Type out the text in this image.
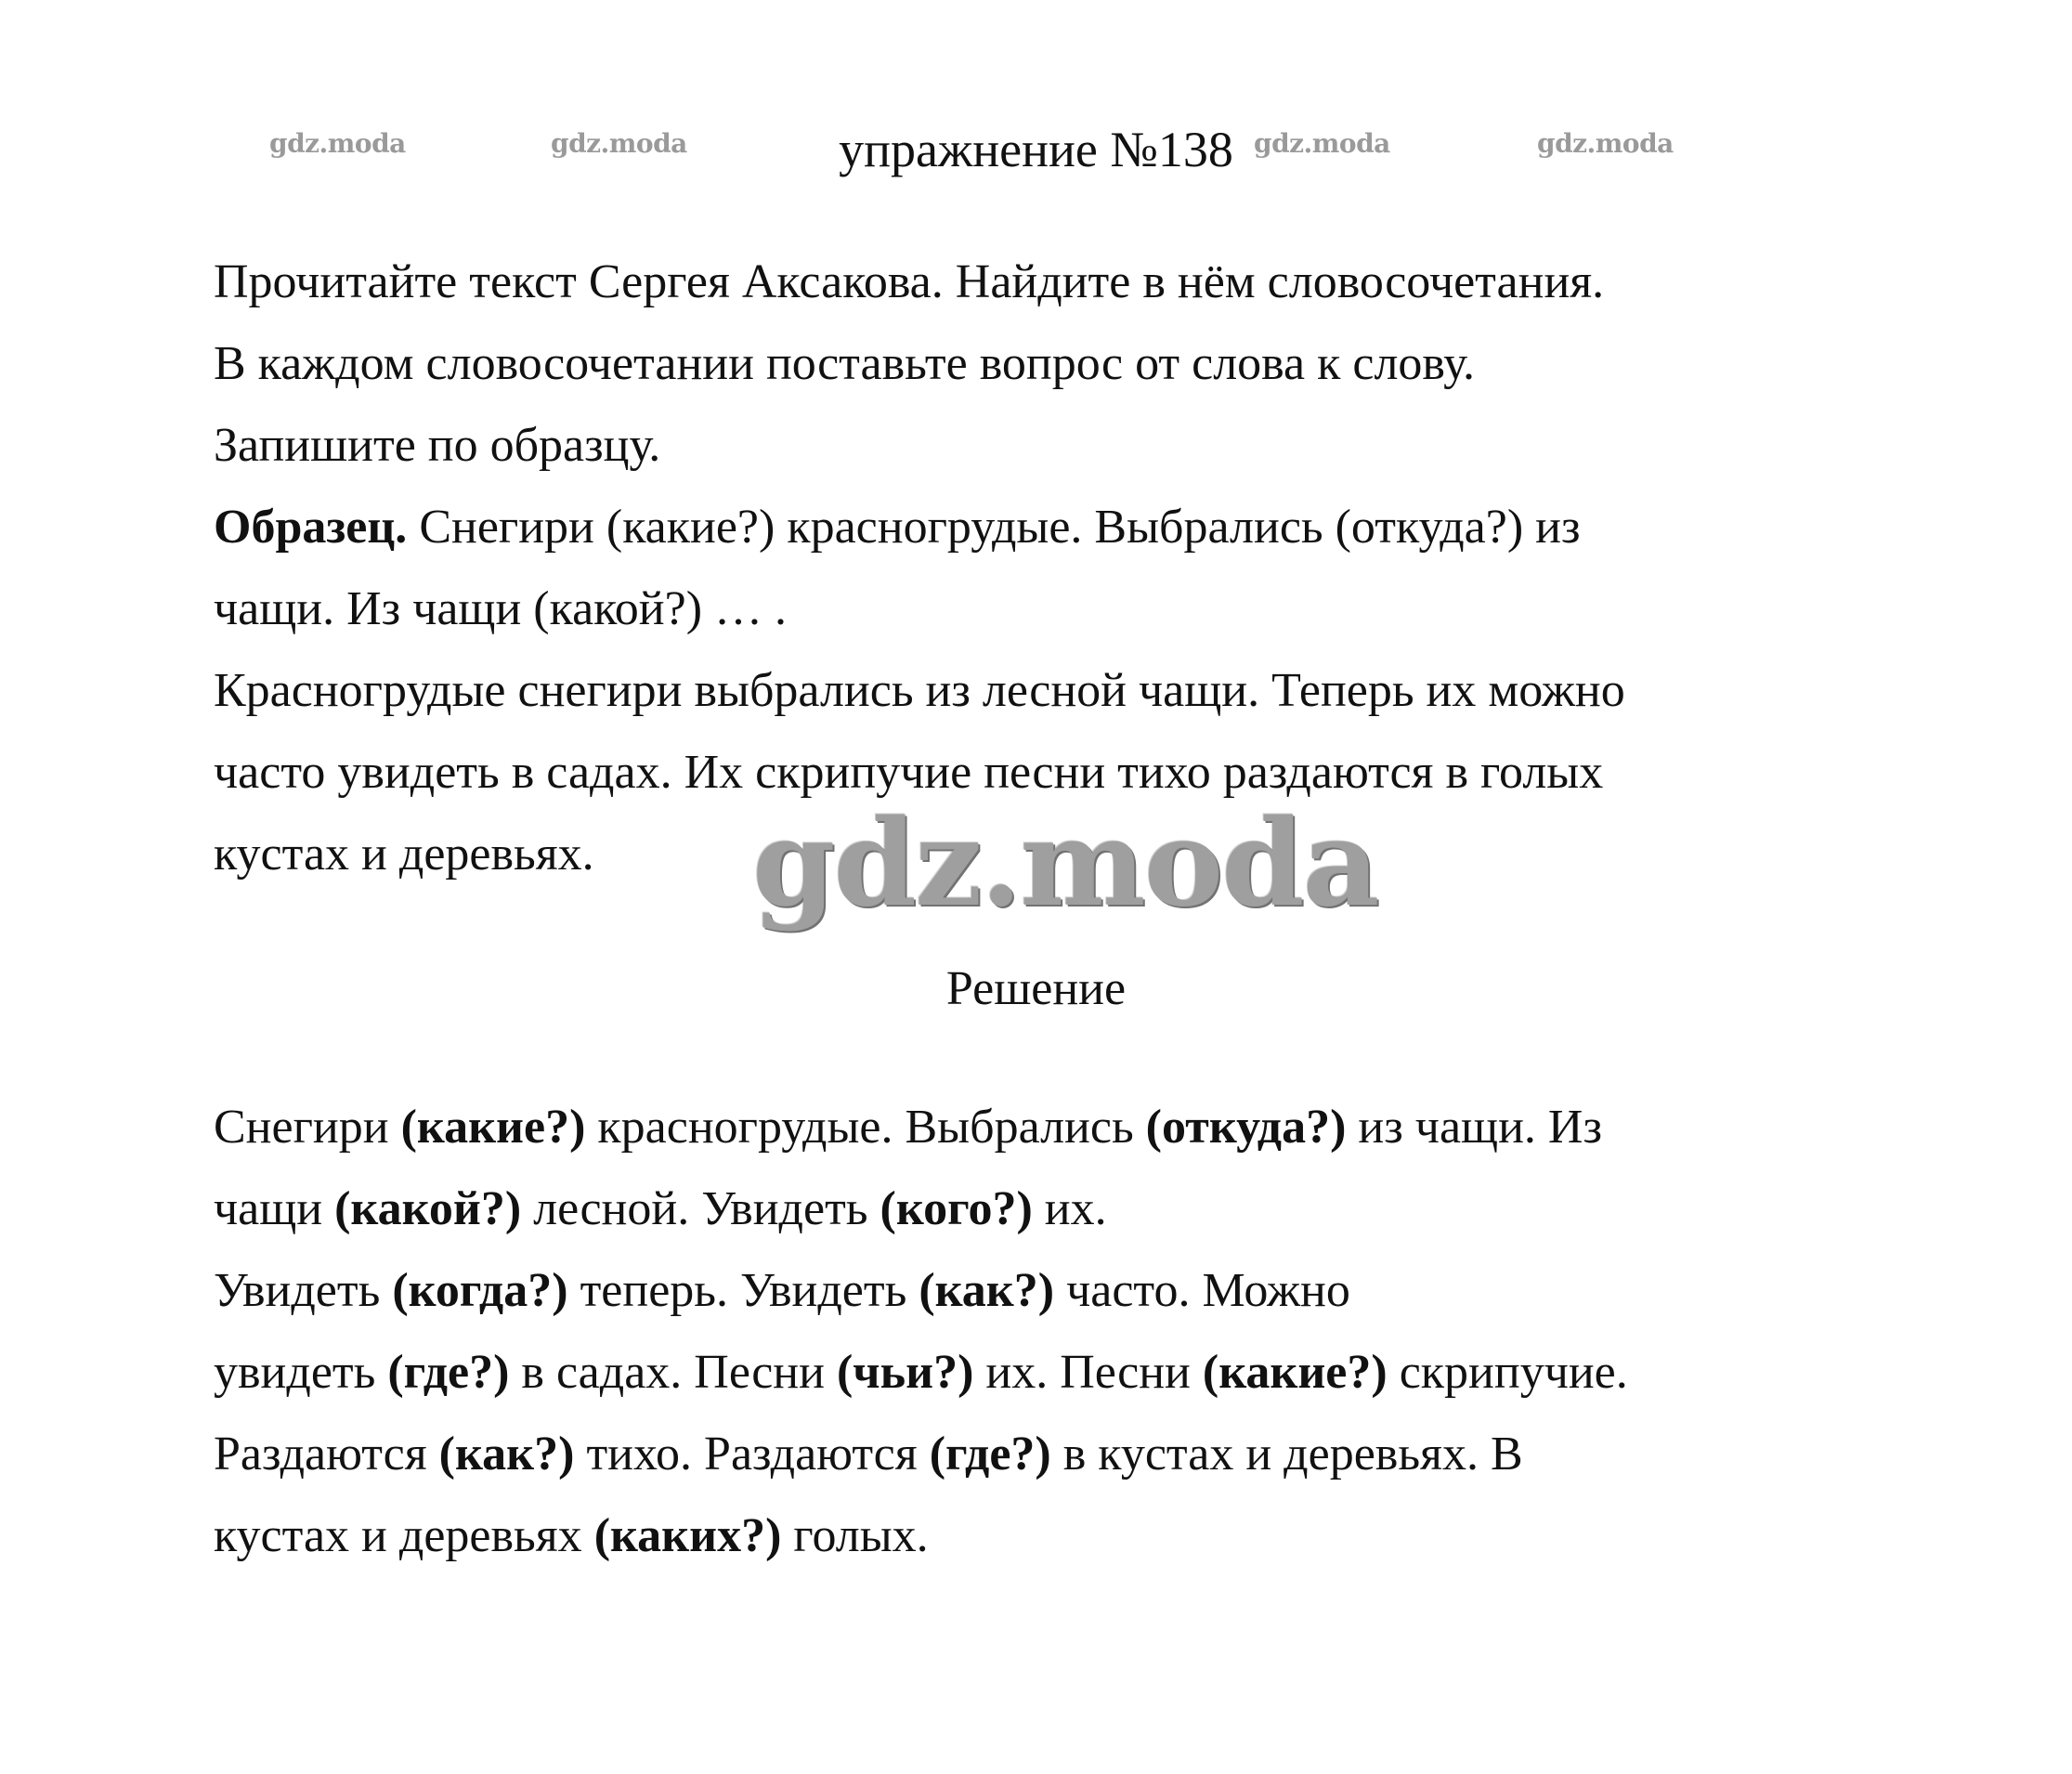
gdz.moda	gdz.moda	gdz.moda	gdz.moda
упражнение №138
Прочитайте текст Сергея Аксакова. Найдите в нём словосочетания.
В каждом словосочетании поставьте вопрос от слова к слову.
Запишите по образцу.
Образец. Снегири (какие?) красногрудые. Выбрались (откуда?) из
чащи. Из чащи (какой?) … .
Красногрудые снегири выбрались из лесной чащи. Теперь их можно
часто увидеть в садах. Их скрипучие песни тихо раздаются в голых
кустах и деревьях.	gdz.moda
Решение
Снегири (какие?) красногрудые. Выбрались (откуда?) из чащи. Из
чащи (какой?) лесной. Увидеть (кого?) их.
Увидеть (когда?) теперь. Увидеть (как?) часто. Можно
увидеть (где?) в садах. Песни (чьи?) их. Песни (какие?) скрипучие.
Раздаются (как?) тихо. Раздаются (где?) в кустах и деревьях. В
кустах и деревьях (каких?) голых.
